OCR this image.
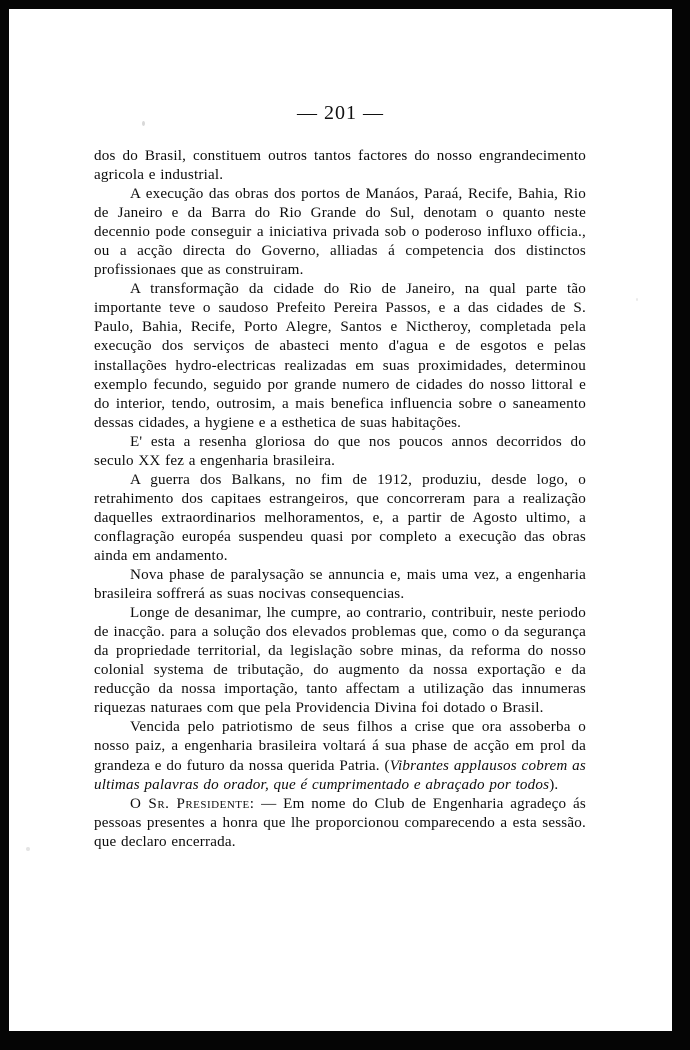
— 201 —

dos do Brasil, constituem outros tantos factores do nosso engrandecimento agricola e industrial.

A execução das obras dos portos de Manáos, Paraá, Recife, Bahia, Rio de Janeiro e da Barra do Rio Grande do Sul, denotam o quanto neste decennio pode conseguir a iniciativa privada sob o poderoso influxo officia., ou a acção directa do Governo, alliadas á competencia dos distinctos profissionaes que as construiram.

A transformação da cidade do Rio de Janeiro, na qual parte tão importante teve o saudoso Prefeito Pereira Passos, e a das cidades de S. Paulo, Bahia, Recife, Porto Alegre, Santos e Nictheroy, completada pela execução dos serviços de abasteci mento d'agua e de esgotos e pelas installações hydro-electricas realizadas em suas proximidades, determinou exemplo fecundo, seguido por grande numero de cidades do nosso littoral e do interior, tendo, outrosim, a mais benefica influencia sobre o saneamento dessas cidades, a hygiene e a esthetica de suas habitações.

E' esta a resenha gloriosa do que nos poucos annos decorridos do seculo XX fez a engenharia brasileira.

A guerra dos Balkans, no fim de 1912, produziu, desde logo, o retrahimento dos capitaes estrangeiros, que concorreram para a realização daquelles extraordinarios melhoramentos, e, a partir de Agosto ultimo, a conflagração européa suspendeu quasi por completo a execução das obras ainda em andamento.

Nova phase de paralysação se annuncia e, mais uma vez, a engenharia brasileira soffrerá as suas nocivas consequencias.

Longe de desanimar, lhe cumpre, ao contrario, contribuir, neste periodo de inacção. para a solução dos elevados problemas que, como o da segurança da propriedade territorial, da legislação sobre minas, da reforma do nosso colonial systema de tributação, do augmento da nossa exportação e da reducção da nossa importação, tanto affectam a utilização das innumeras riquezas naturaes com que pela Providencia Divina foi dotado o Brasil.

Vencida pelo patriotismo de seus filhos a crise que ora assoberba o nosso paiz, a engenharia brasileira voltará á sua phase de acção em prol da grandeza e do futuro da nossa querida Patria. (Vibrantes applausos cobrem as ultimas palavras do orador, que é cumprimentado e abraçado por todos).

O Sr. Presidente: — Em nome do Club de Engenharia agradeço ás pessoas presentes a honra que lhe proporcionou comparecendo a esta sessão. que declaro encerrada.
